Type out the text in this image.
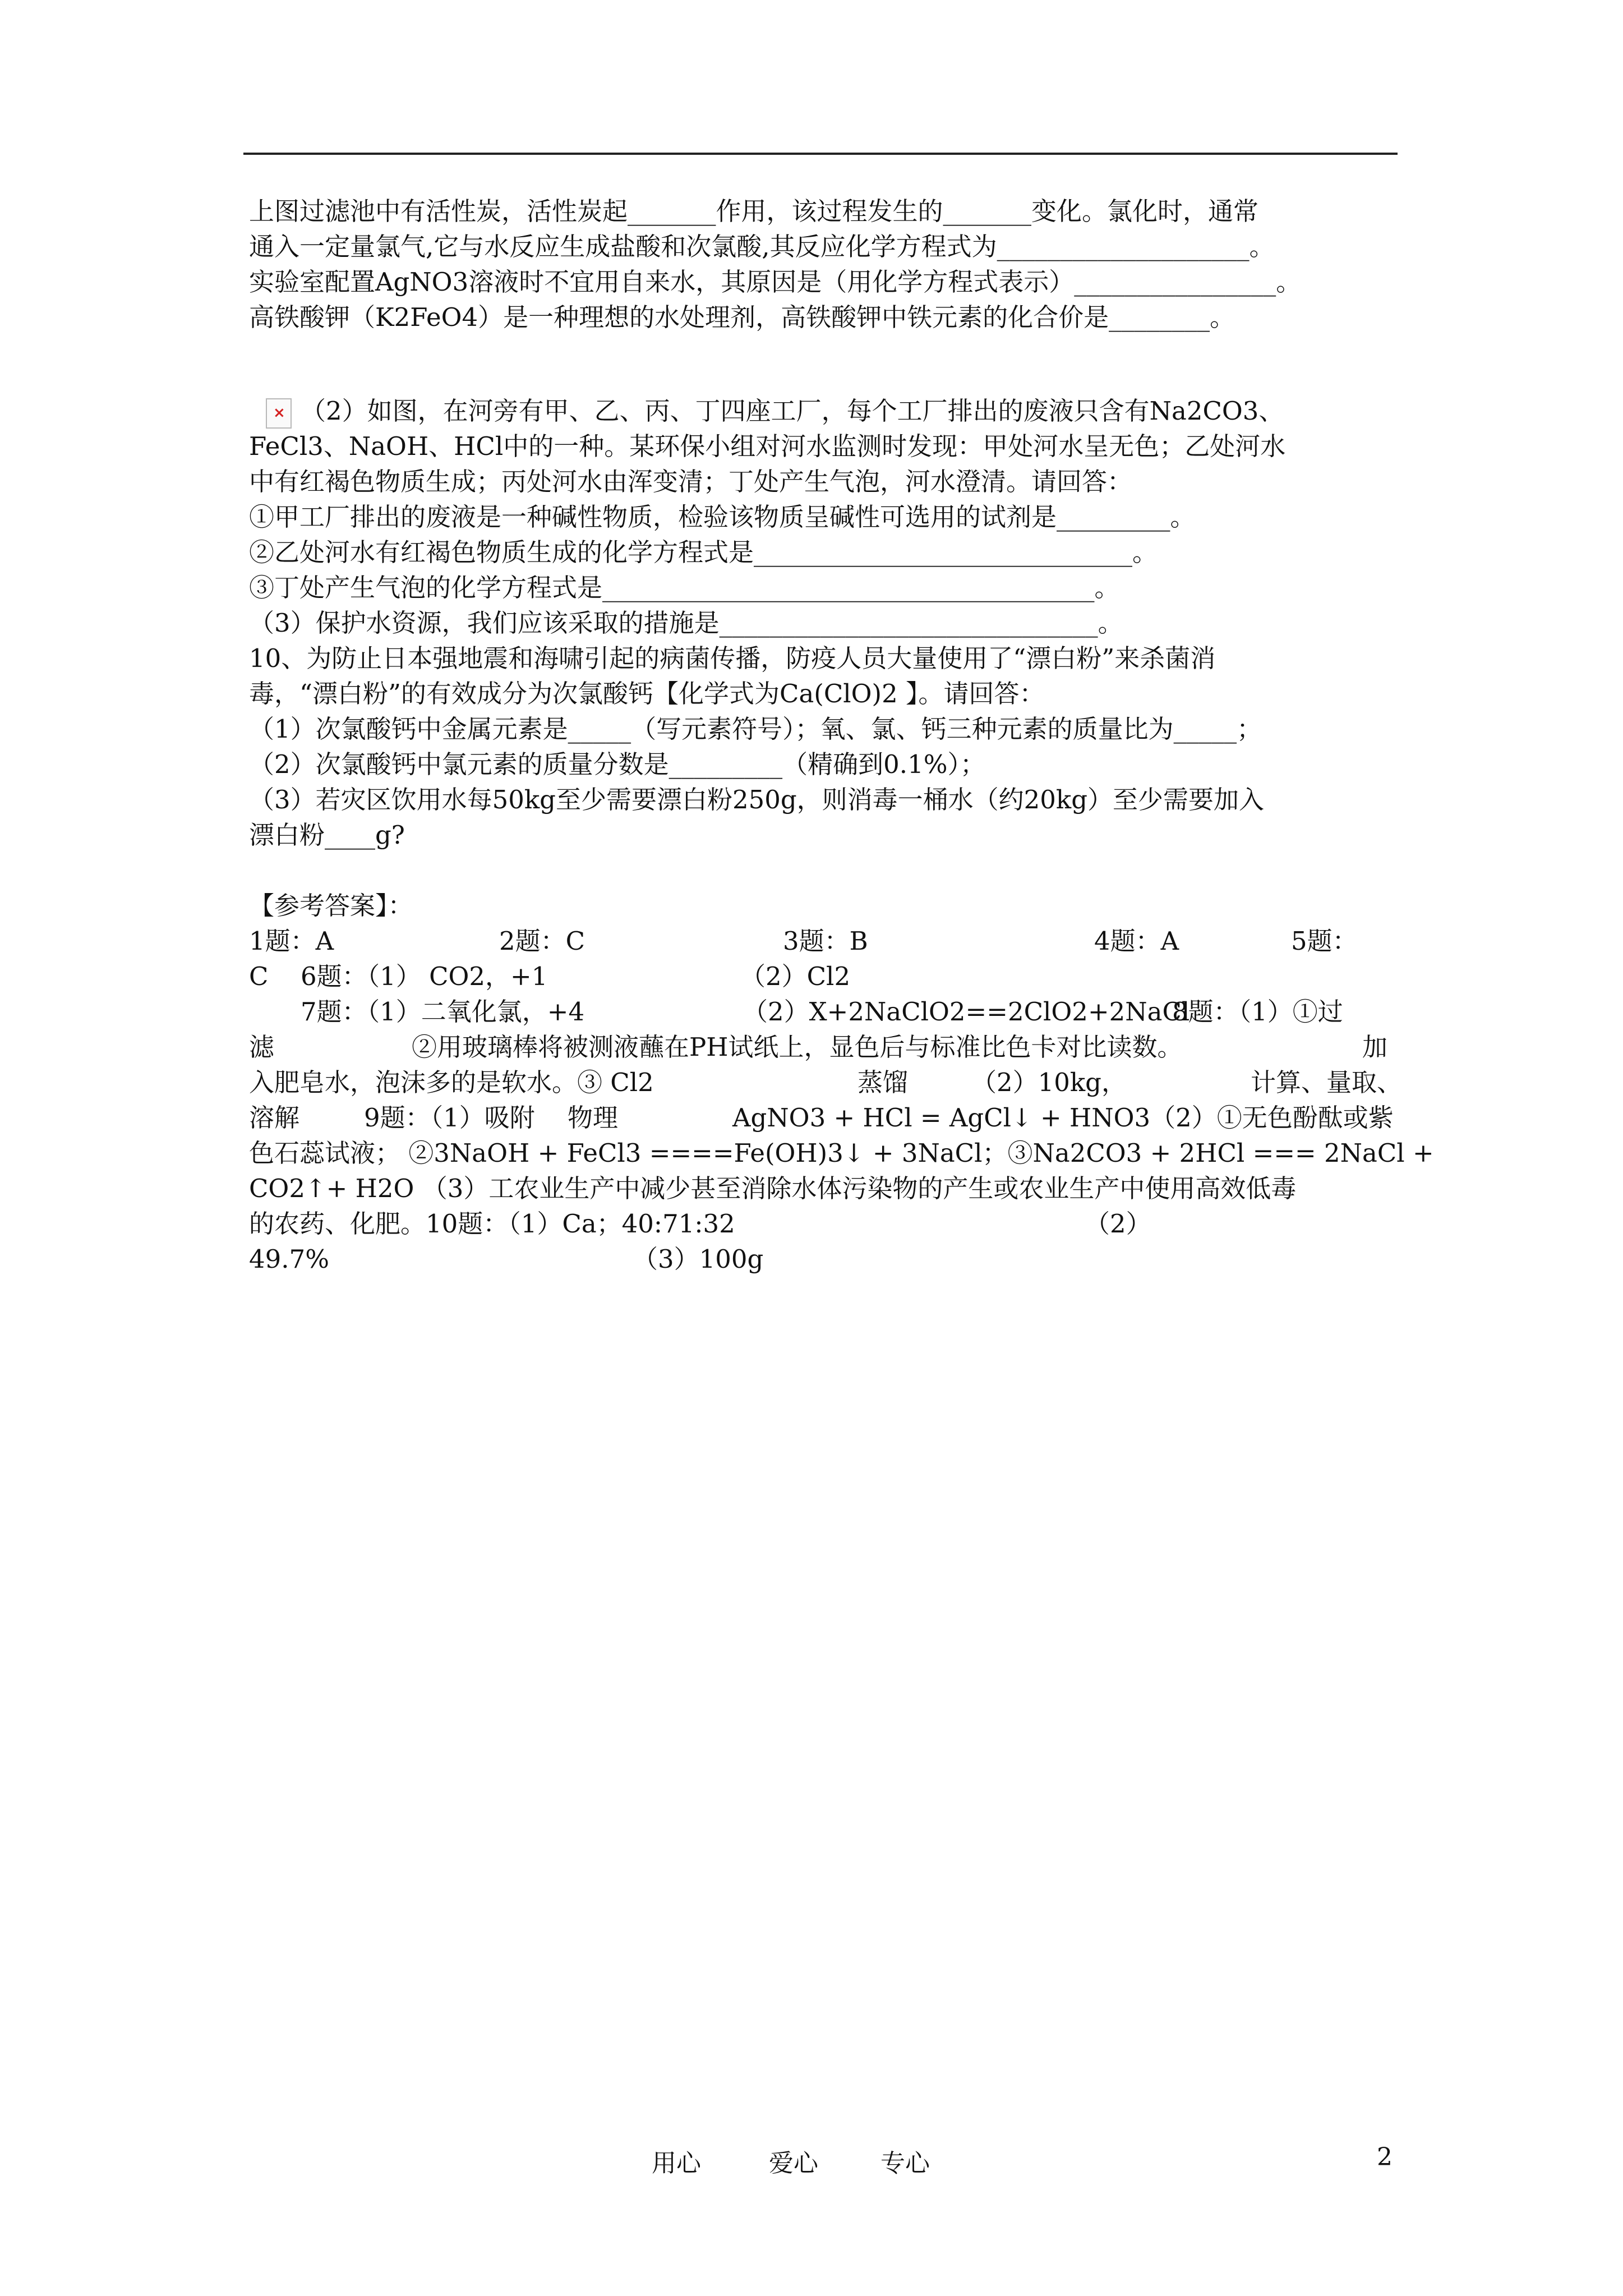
×
上图过滤池中有活性炭，活性炭起_______作用，该过程发生的_______变化。氯化时，通常
通入一定量氯气,它与水反应生成盐酸和次氯酸,其反应化学方程式为____________________。
实验室配置AgNO3溶液时不宜用自来水，其原因是（用化学方程式表示）________________。
高铁酸钾（K2FeO4）是一种理想的水处理剂，高铁酸钾中铁元素的化合价是________。
（2）如图，在河旁有甲、乙、丙、丁四座工厂，每个工厂排出的废液只含有Na2CO3、
FeCl3、NaOH、HCl中的一种。某环保小组对河水监测时发现：甲处河水呈无色；乙处河水
中有红褐色物质生成；丙处河水由浑变清；丁处产生气泡，河水澄清。请回答：
①甲工厂排出的废液是一种碱性物质，检验该物质呈碱性可选用的试剂是_________。
②乙处河水有红褐色物质生成的化学方程式是______________________________。
③丁处产生气泡的化学方程式是_______________________________________。
（3）保护水资源，我们应该采取的措施是______________________________。
10、为防止日本强地震和海啸引起的病菌传播，防疫人员大量使用了“漂白粉”来杀菌消
毒，“漂白粉”的有效成分为次氯酸钙【化学式为Ca(ClO)2 】。请回答：
（1）次氯酸钙中金属元素是_____（写元素符号）；氧、氯、钙三种元素的质量比为_____；
（2）次氯酸钙中氯元素的质量分数是_________（精确到0.1%）；
（3）若灾区饮用水每50kg至少需要漂白粉250g，则消毒一桶水（约20kg）至少需要加入
漂白粉____g?
【参考答案】：
1题：A	2题：C	3题：B	4题：A	5题：
C 6题：（1） CO2，+1	（2）Cl2
7题：（1）二氧化氯，+4	（2）X+2NaClO2==2ClO2+2NaCl
8题：（1）①过
滤	②用玻璃棒将被测液蘸在PH试纸上，显色后与标准比色卡对比读数。	加
入肥皂水，泡沫多的是软水。③ Cl2	蒸馏	（2）10kg，	计算、量取、
溶解	9题：（1）吸附 物理	AgNO3 + HCl = AgCl↓ + HNO3（2）①无色酚酞或紫
色石蕊试液； ②3NaOH + FeCl3 ====Fe(OH)3↓ + 3NaCl；③Na2CO3 + 2HCl === 2NaCl +
CO2↑+ H2O （3）工农业生产中减少甚至消除水体污染物的产生或农业生产中使用高效低毒
的农药、化肥。10题：（1）Ca；40:71:32	（2）
49.7%	（3）100g
用心	爱心	专心	2
